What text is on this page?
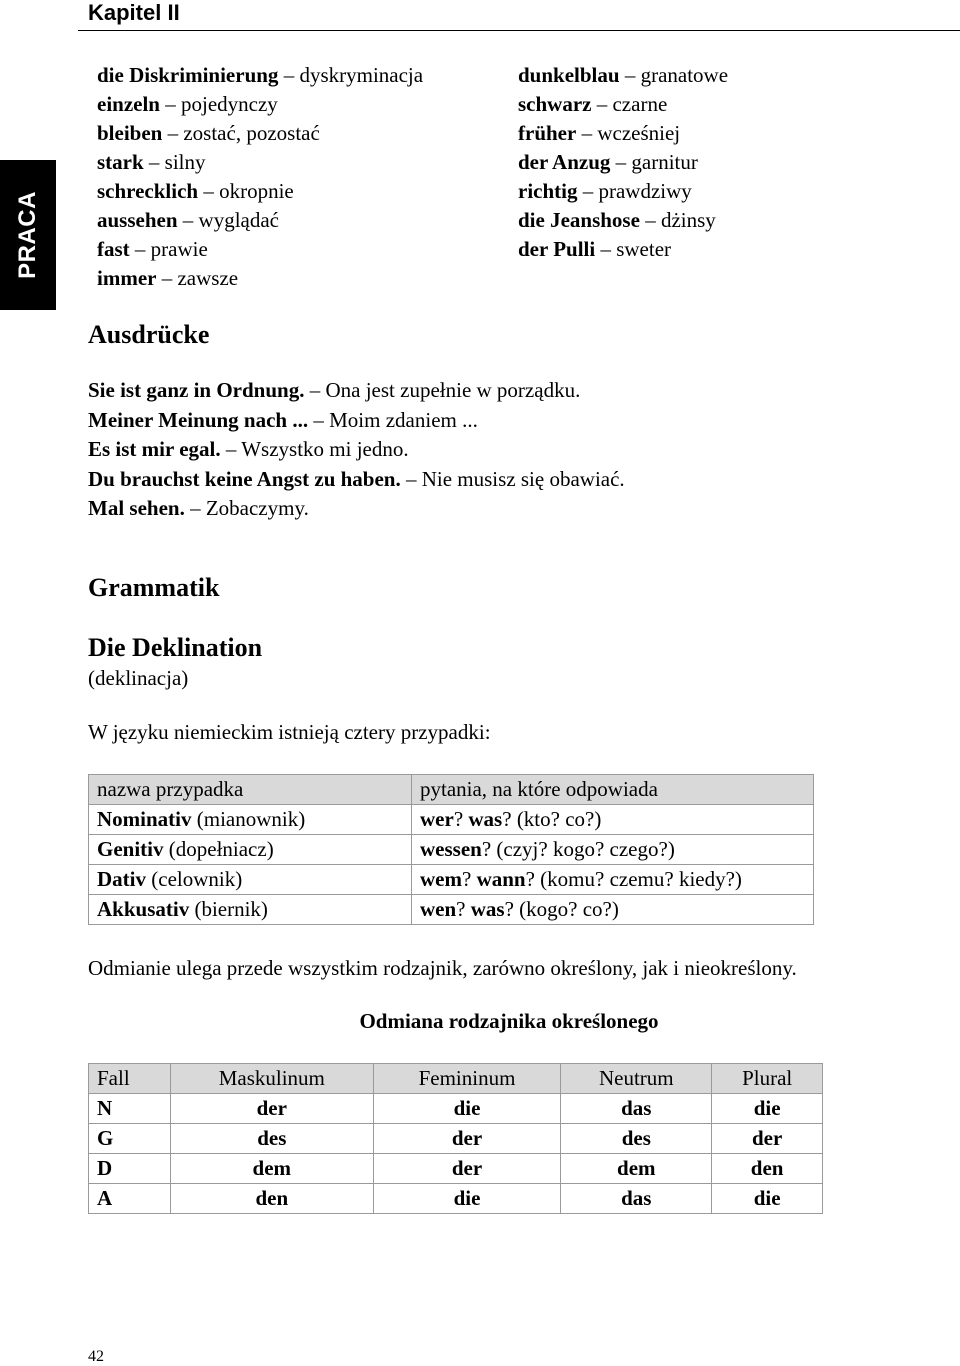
Kapitel II
PRACA
die Diskriminierung – dyskryminacja
einzeln – pojedynczy
bleiben – zostać, pozostać
stark – silny
schrecklich – okropnie
aussehen – wyglądać
fast – prawie
immer – zawsze
dunkelblau – granatowe
schwarz – czarne
früher – wcześniej
der Anzug – garnitur
richtig – prawdziwy
die Jeanshose – dżinsy
der Pulli – sweter
Ausdrücke
Sie ist ganz in Ordnung. – Ona jest zupełnie w porządku.
Meiner Meinung nach ... – Moim zdaniem ...
Es ist mir egal. – Wszystko mi jedno.
Du brauchst keine Angst zu haben. – Nie musisz się obawiać.
Mal sehen. – Zobaczymy.
Grammatik
Die Deklination
(deklinacja)
W języku niemieckim istnieją cztery przypadki:
nazwa przypadka	pytania, na które odpowiada
Nominativ (mianownik)	wer? was? (kto? co?)
Genitiv (dopełniacz)	wessen? (czyj? kogo? czego?)
Dativ (celownik)	wem? wann? (komu? czemu? kiedy?)
Akkusativ (biernik)	wen? was? (kogo? co?)
Odmianie ulega przede wszystkim rodzajnik, zarówno określony, jak i nieokreślony.
Odmiana rodzajnika określonego
Fall	Maskulinum	Femininum	Neutrum	Plural
N	der	die	das	die
G	des	der	des	der
D	dem	der	dem	den
A	den	die	das	die
42
